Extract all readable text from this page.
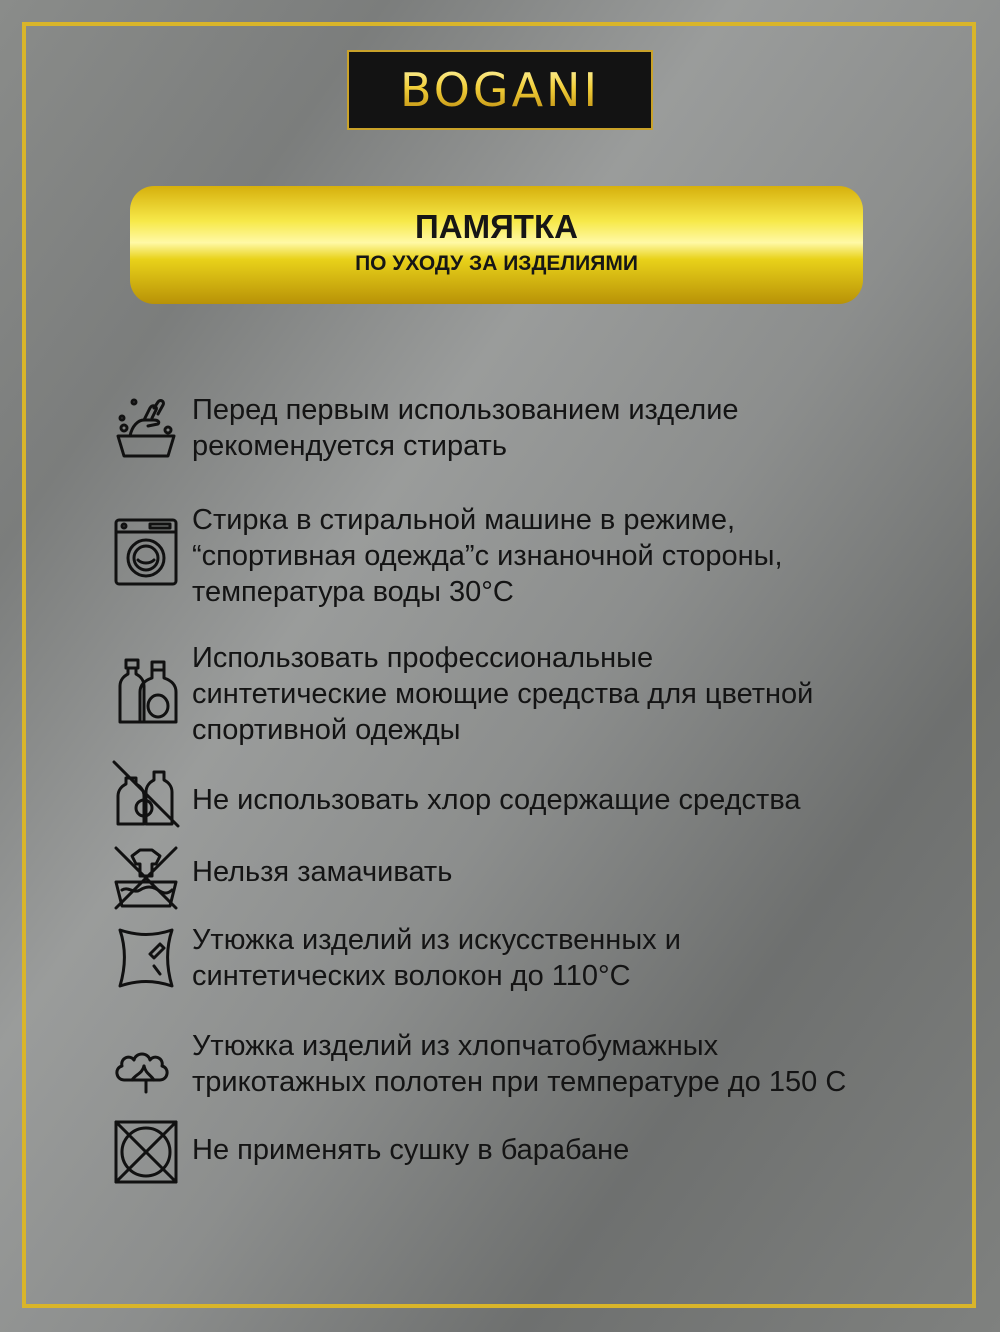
BOGANI
ПАМЯТКА
ПО УХОДУ ЗА ИЗДЕЛИЯМИ
Перед первым использованием изделие
рекомендуется стирать
Стирка в стиральной машине в режиме,
“спортивная одежда”с изнаночной стороны,
температура воды 30°С
Использовать профессиональные
синтетические моющие средства для цветной
спортивной одежды
Не использовать хлор содержащие средства
Нельзя замачивать
Утюжка изделий из искусственных и
синтетических волокон до 110°С
Утюжка изделий из хлопчатобумажных
трикотажных полотен при температуре до 150 С
Не применять сушку в барабане
